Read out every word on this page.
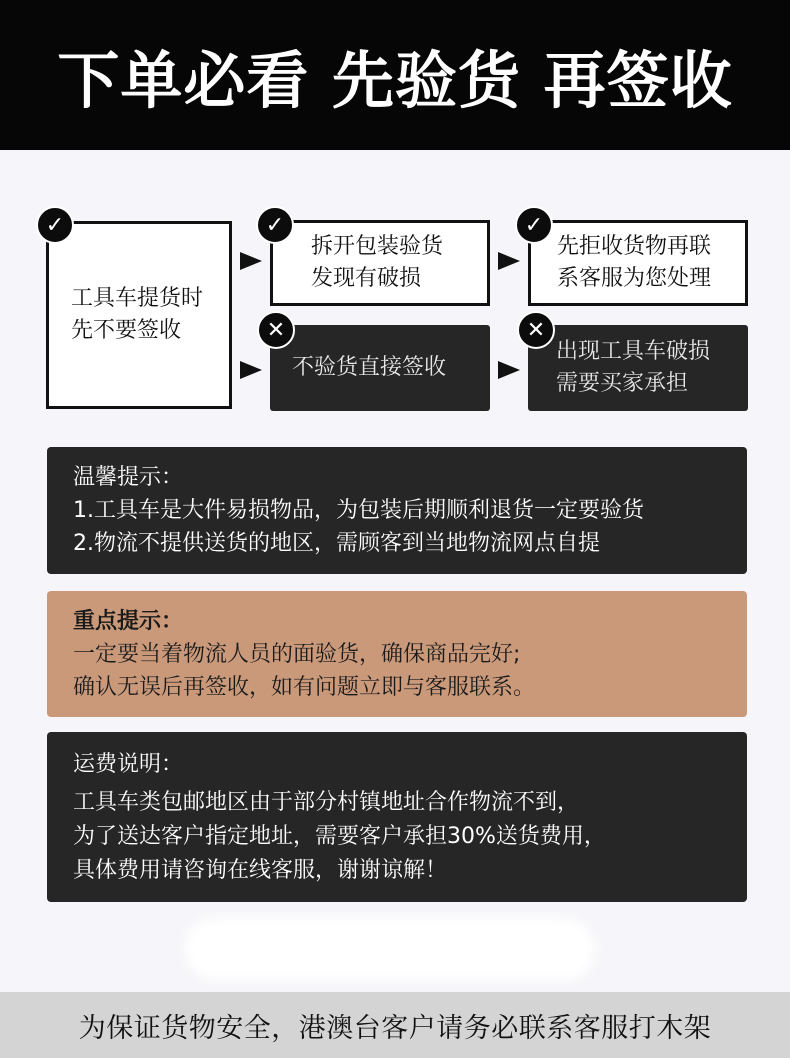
下单必看 先验货 再签收
工具车提货时
先不要签收
✓
拆开包装验货
发现有破损
✓
先拒收货物再联
系客服为您处理
✓
不验货直接签收
✕
出现工具车破损
需要买家承担
✕
温馨提示：
1.工具车是大件易损物品，为包装后期顺利退货一定要验货
2.物流不提供送货的地区，需顾客到当地物流网点自提
重点提示：
一定要当着物流人员的面验货，确保商品完好;
确认无误后再签收，如有问题立即与客服联系。
运费说明：
工具车类包邮地区由于部分村镇地址合作物流不到，
为了送达客户指定地址，需要客户承担30%送货费用，
具体费用请咨询在线客服，谢谢谅解！
为保证货物安全，港澳台客户请务必联系客服打木架
